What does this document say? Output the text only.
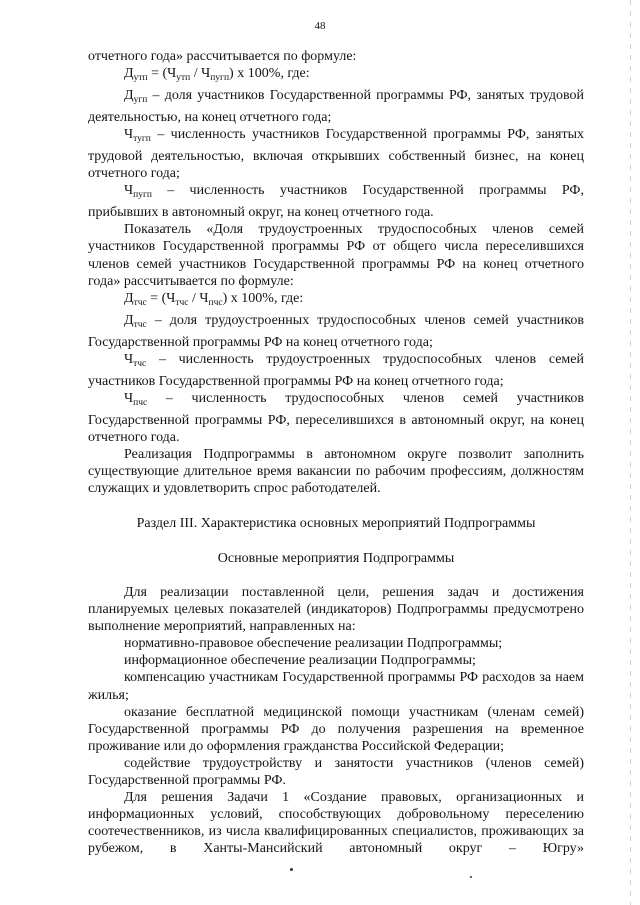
48

отчетного года» рассчитывается по формуле:

$Д_{утп} = (Ч_{утп} / Ч_{пугп})$ x 100%, где:

$Д_{угп}$ – доля участников Государственной программы РФ, занятых трудовой деятельностью, на конец отчетного года;

$Ч_{тугп}$ – численность участников Государственной программы РФ, занятых трудовой деятельностью, включая открывших собственный бизнес, на конец отчетного года;

$Ч_{пугп}$ – численность участников Государственной программы РФ, прибывших в автономный округ, на конец отчетного года.

Показатель «Доля трудоустроенных трудоспособных членов семей участников Государственной программы РФ от общего числа переселившихся членов семей участников Государственной программы РФ на конец отчетного года» рассчитывается по формуле:

$Д_{тчс} = (Ч_{тчс} / Ч_{пчс})$ x 100%, где:

$Д_{тчс}$ – доля трудоустроенных трудоспособных членов семей участников Государственной программы РФ на конец отчетного года;

$Ч_{тчс}$ – численность трудоустроенных трудоспособных членов семей участников Государственной программы РФ на конец отчетного года;

$Ч_{пчс}$ – численность трудоспособных членов семей участников Государственной программы РФ, переселившихся в автономный округ, на конец отчетного года.

Реализация Подпрограммы в автономном округе позволит заполнить существующие длительное время вакансии по рабочим профессиям, должностям служащих и удовлетворить спрос работодателей.

Раздел III. Характеристика основных мероприятий Подпрограммы

Основные мероприятия Подпрограммы

Для реализации поставленной цели, решения задач и достижения планируемых целевых показателей (индикаторов) Подпрограммы предусмотрено выполнение мероприятий, направленных на:

нормативно-правовое обеспечение реализации Подпрограммы;

информационное обеспечение реализации Подпрограммы;

компенсацию участникам Государственной программы РФ расходов за наем жилья;

оказание бесплатной медицинской помощи участникам (членам семей) Государственной программы РФ до получения разрешения на временное проживание или до оформления гражданства Российской Федерации;

содействие трудоустройству и занятости участников (членов семей) Государственной программы РФ.

Для решения Задачи 1 «Создание правовых, организационных и информационных условий, способствующих добровольному переселению соотечественников, из числа квалифицированных специалистов, проживающих за рубежом, в Ханты-Мансийский автономный округ – Югру»
